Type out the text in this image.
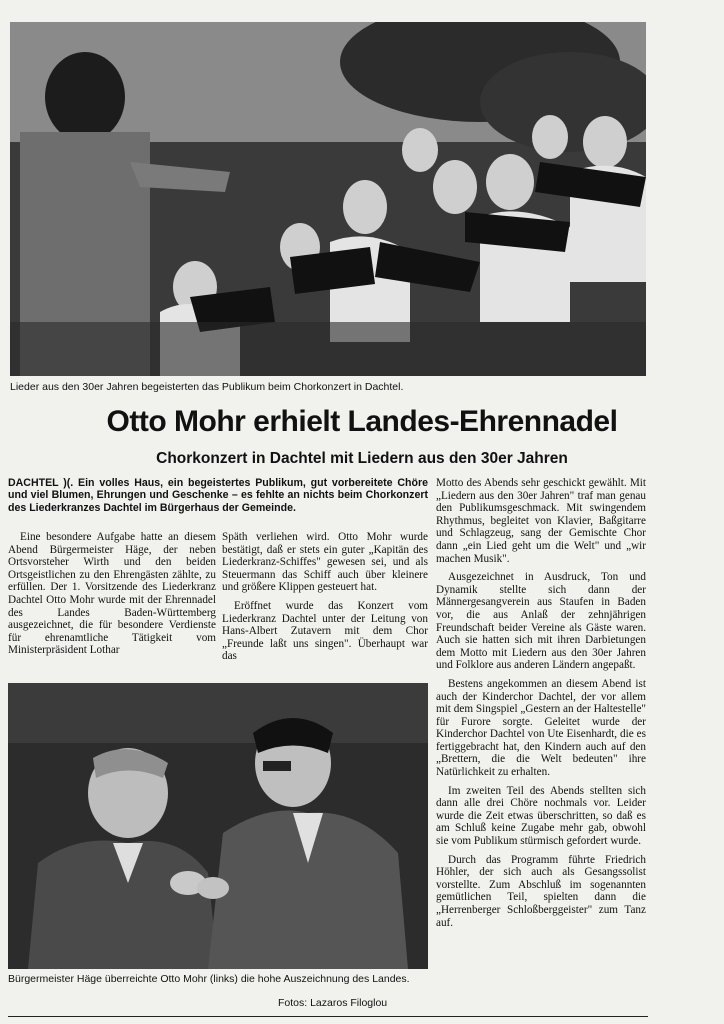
Lieder aus den 30er Jahren begeisterten das Publikum beim Chorkonzert in Dachtel.
Otto Mohr erhielt Landes-Ehrennadel
Chorkonzert in Dachtel mit Liedern aus den 30er Jahren
DACHTEL )(. Ein volles Haus, ein begeistertes Publikum, gut vorbereitete Chöre und viel Blumen, Ehrungen und Geschenke – es fehlte an nichts beim Chorkonzert des Liederkranzes Dachtel im Bürgerhaus der Gemeinde.

Eine besondere Aufgabe hatte an diesem Abend Bürgermeister Häge, der neben Ortsvorsteher Wirth und den beiden Ortsgeistlichen zu den Ehrengästen zählte, zu erfüllen. Der 1. Vorsitzende des Liederkranz Dachtel Otto Mohr wurde mit der Ehrennadel des Landes Baden-Württemberg ausgezeichnet, die für besondere Verdienste für ehrenamtliche Tätigkeit vom Ministerpräsident Lothar

Späth verliehen wird. Otto Mohr wurde bestätigt, daß er stets ein guter „Kapitän des Liederkranz-Schiffes" gewesen sei, und als Steuermann das Schiff auch über kleinere und größere Klippen gesteuert hat.

Eröffnet wurde das Konzert vom Liederkranz Dachtel unter der Leitung von Hans-Albert Zutavern mit dem Chor „Freunde laßt uns singen". Überhaupt war das

Motto des Abends sehr geschickt gewählt. Mit „Liedern aus den 30er Jahren" traf man genau den Publikumsgeschmack. Mit swingendem Rhythmus, begleitet von Klavier, Baßgitarre und Schlagzeug, sang der Gemischte Chor dann „ein Lied geht um die Welt" und „wir machen Musik".

Ausgezeichnet in Ausdruck, Ton und Dynamik stellte sich dann der Männergesangverein aus Staufen in Baden vor, die aus Anlaß der zehnjährigen Freundschaft beider Vereine als Gäste waren. Auch sie hatten sich mit ihren Darbietungen dem Motto mit Liedern aus den 30er Jahren und Folklore aus anderen Ländern angepaßt.

Bestens angekommen an diesem Abend ist auch der Kinderchor Dachtel, der vor allem mit dem Singspiel „Gestern an der Haltestelle" für Furore sorgte. Geleitet wurde der Kinderchor Dachtel von Ute Eisenhardt, die es fertiggebracht hat, den Kindern auch auf den „Brettern, die die Welt bedeuten" ihre Natürlichkeit zu erhalten.

Im zweiten Teil des Abends stellten sich dann alle drei Chöre nochmals vor. Leider wurde die Zeit etwas überschritten, so daß es am Schluß keine Zugabe mehr gab, obwohl sie vom Publikum stürmisch gefordert wurde.

Durch das Programm führte Friedrich Höhler, der sich auch als Gesangssolist vorstellte. Zum Abschluß im sogenannten gemütlichen Teil, spielten dann die „Herrenberger Schloßberggeister" zum Tanz auf.

Bürgermeister Häge überreichte Otto Mohr (links) die hohe Auszeichnung des Landes.
Fotos: Lazaros Filoglou
